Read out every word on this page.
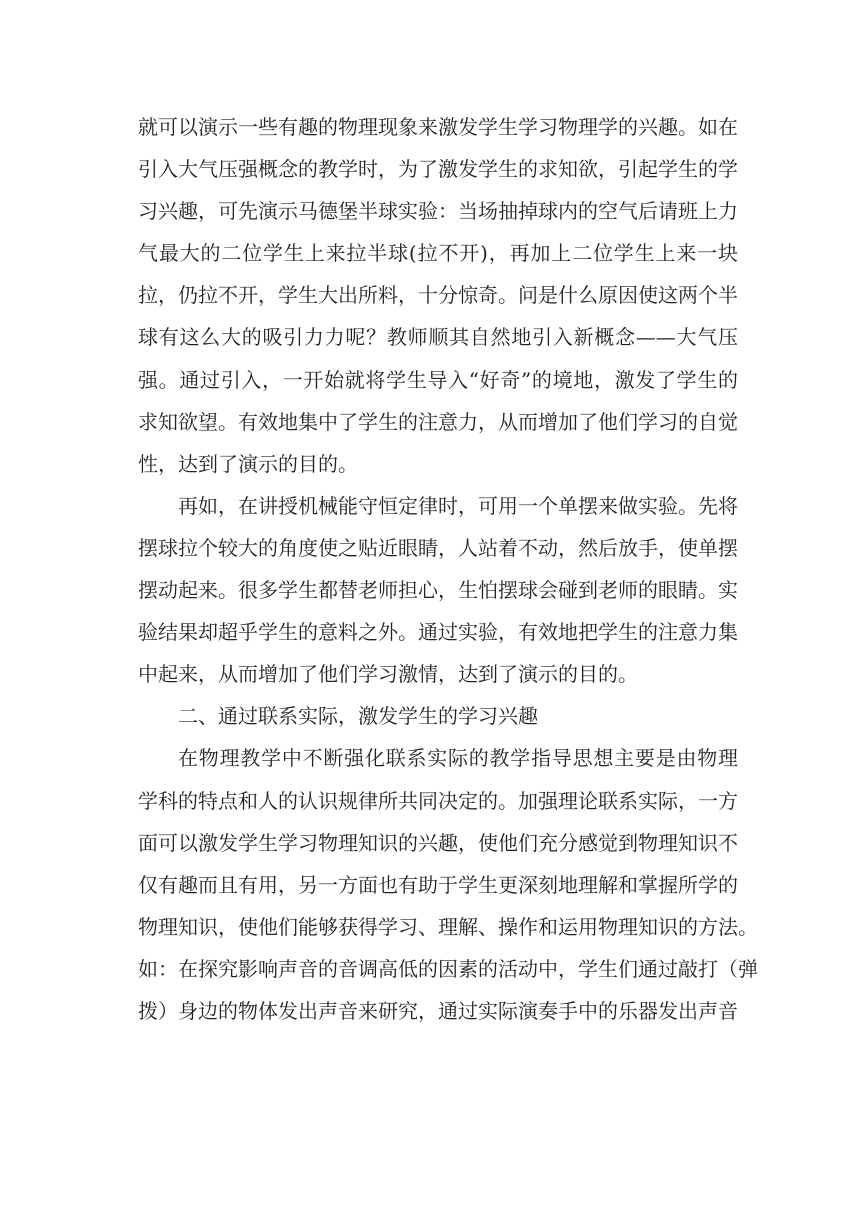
就可以演示一些有趣的物理现象来激发学生学习物理学的兴趣。如在
引入大气压强概念的教学时，为了激发学生的求知欲，引起学生的学
习兴趣，可先演示马德堡半球实验：当场抽掉球内的空气后请班上力
气最大的二位学生上来拉半球(拉不开)，再加上二位学生上来一块
拉，仍拉不开，学生大出所料，十分惊奇。问是什么原因使这两个半
球有这么大的吸引力力呢？教师顺其自然地引入新概念——大气压
强。通过引入，一开始就将学生导入“好奇”的境地，激发了学生的
求知欲望。有效地集中了学生的注意力，从而增加了他们学习的自觉
性，达到了演示的目的。
再如，在讲授机械能守恒定律时，可用一个单摆来做实验。先将
摆球拉个较大的角度使之贴近眼睛，人站着不动，然后放手，使单摆
摆动起来。很多学生都替老师担心，生怕摆球会碰到老师的眼睛。实
验结果却超乎学生的意料之外。通过实验，有效地把学生的注意力集
中起来，从而增加了他们学习激情，达到了演示的目的。
二、通过联系实际，激发学生的学习兴趣
在物理教学中不断强化联系实际的教学指导思想主要是由物理
学科的特点和人的认识规律所共同决定的。加强理论联系实际，一方
面可以激发学生学习物理知识的兴趣，使他们充分感觉到物理知识不
仅有趣而且有用，另一方面也有助于学生更深刻地理解和掌握所学的
物理知识，使他们能够获得学习、理解、操作和运用物理知识的方法。
如：在探究影响声音的音调高低的因素的活动中，学生们通过敲打（弹
拨）身边的物体发出声音来研究，通过实际演奏手中的乐器发出声音
